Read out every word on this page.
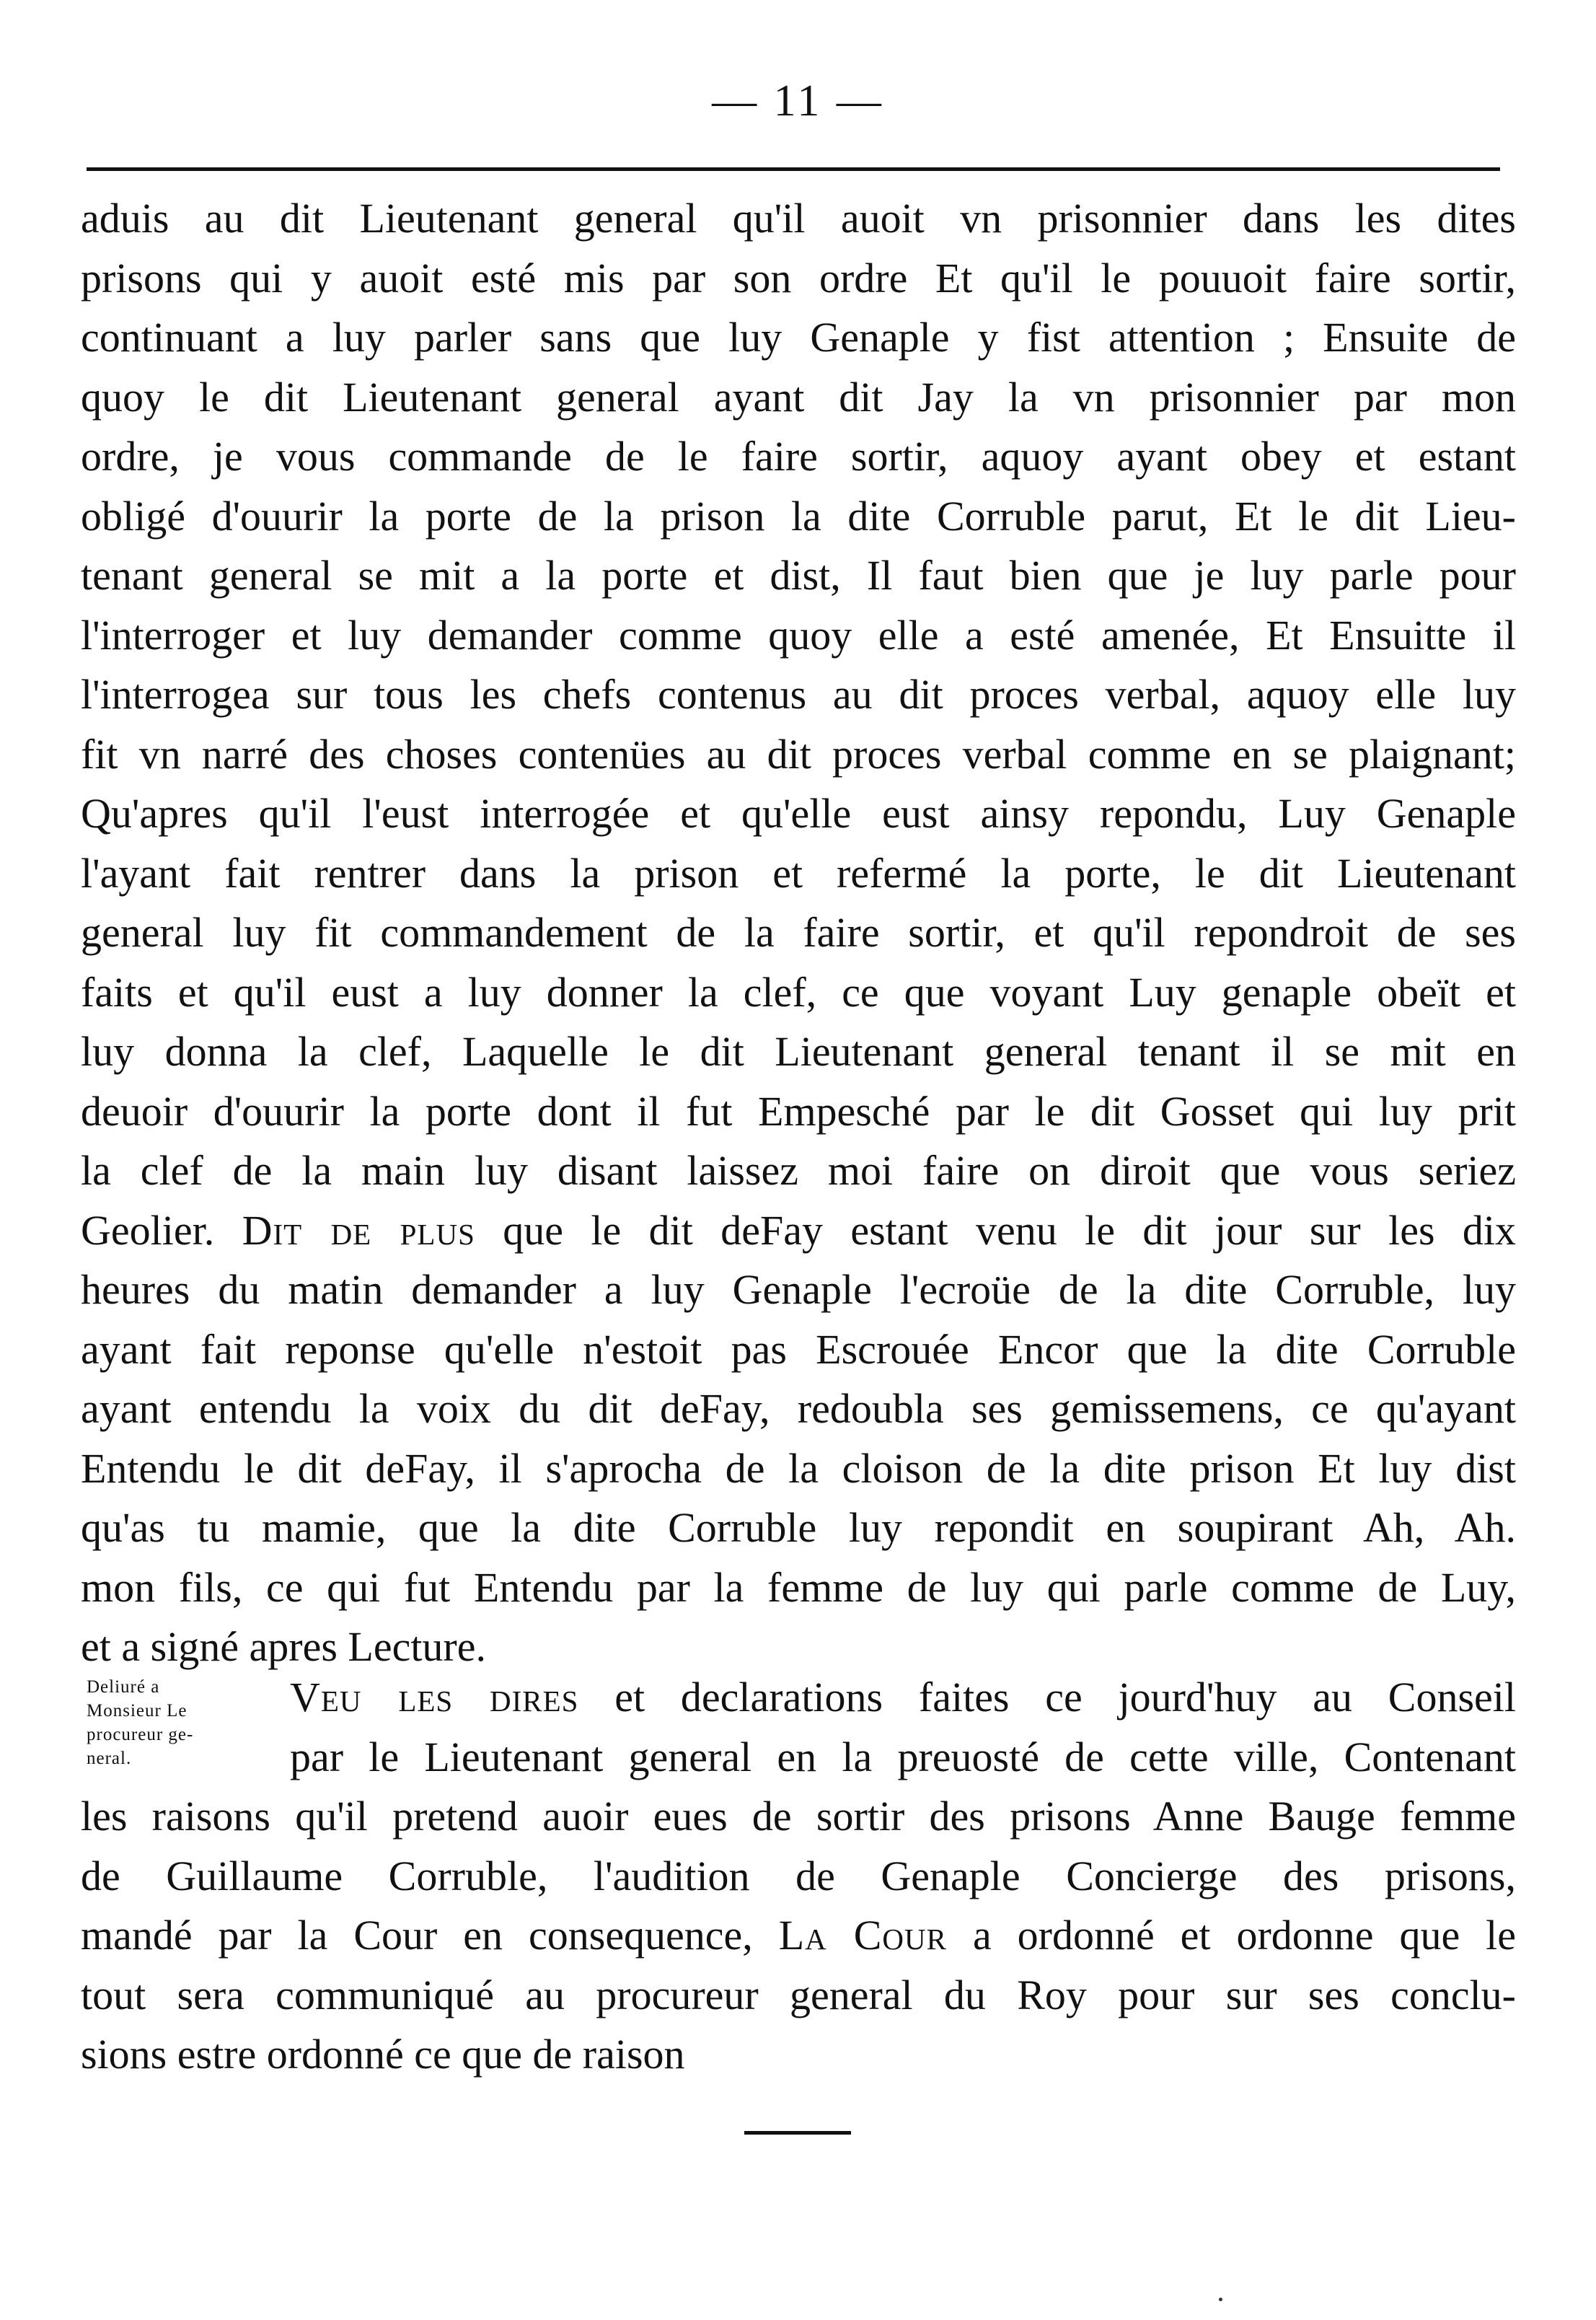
— 11 —
aduis au dit Lieutenant general qu'il auoit vn prisonnier dans les dites
prisons qui y auoit esté mis par son ordre Et qu'il le pouuoit faire sortir,
continuant a luy parler sans que luy Genaple y fist attention ; Ensuite de
quoy le dit Lieutenant general ayant dit Jay la vn prisonnier par mon
ordre, je vous commande de le faire sortir, aquoy ayant obey et estant
obligé d'ouurir la porte de la prison la dite Corruble parut, Et le dit Lieu-
tenant general se mit a la porte et dist, Il faut bien que je luy parle pour
l'interroger et luy demander comme quoy elle a esté amenée, Et Ensuitte il
l'interrogea sur tous les chefs contenus au dit proces verbal, aquoy elle luy
fit vn narré des choses contenües au dit proces verbal comme en se plaignant;
Qu'apres qu'il l'eust interrogée et qu'elle eust ainsy repondu, Luy Genaple
l'ayant fait rentrer dans la prison et refermé la porte, le dit Lieutenant
general luy fit commandement de la faire sortir, et qu'il repondroit de ses
faits et qu'il eust a luy donner la clef, ce que voyant Luy genaple obeït et
luy donna la clef, Laquelle le dit Lieutenant general tenant il se mit en
deuoir d'ouurir la porte dont il fut Empesché par le dit Gosset qui luy prit
la clef de la main luy disant laissez moi faire on diroit que vous seriez
Geolier. Dit de plus que le dit deFay estant venu le dit jour sur les dix
heures du matin demander a luy Genaple l'ecroüe de la dite Corruble, luy
ayant fait reponse qu'elle n'estoit pas Escrouée Encor que la dite Corruble
ayant entendu la voix du dit deFay, redoubla ses gemissemens, ce qu'ayant
Entendu le dit deFay, il s'aprocha de la cloison de la dite prison Et luy dist
qu'as tu mamie, que la dite Corruble luy repondit en soupirant Ah, Ah.
mon fils, ce qui fut Entendu par la femme de luy qui parle comme de Luy,
et a signé apres Lecture.
Deliuré a
Monsieur Le
procureur ge-
neral.
Veu les dires et declarations faites ce jourd'huy au Conseil
par le Lieutenant general en la preuosté de cette ville, Contenant
les raisons qu'il pretend auoir eues de sortir des prisons Anne Bauge femme
de Guillaume Corruble, l'audition de Genaple Concierge des prisons,
mandé par la Cour en consequence, La Cour a ordonné et ordonne que le
tout sera communiqué au procureur general du Roy pour sur ses conclu-
sions estre ordonné ce que de raison
